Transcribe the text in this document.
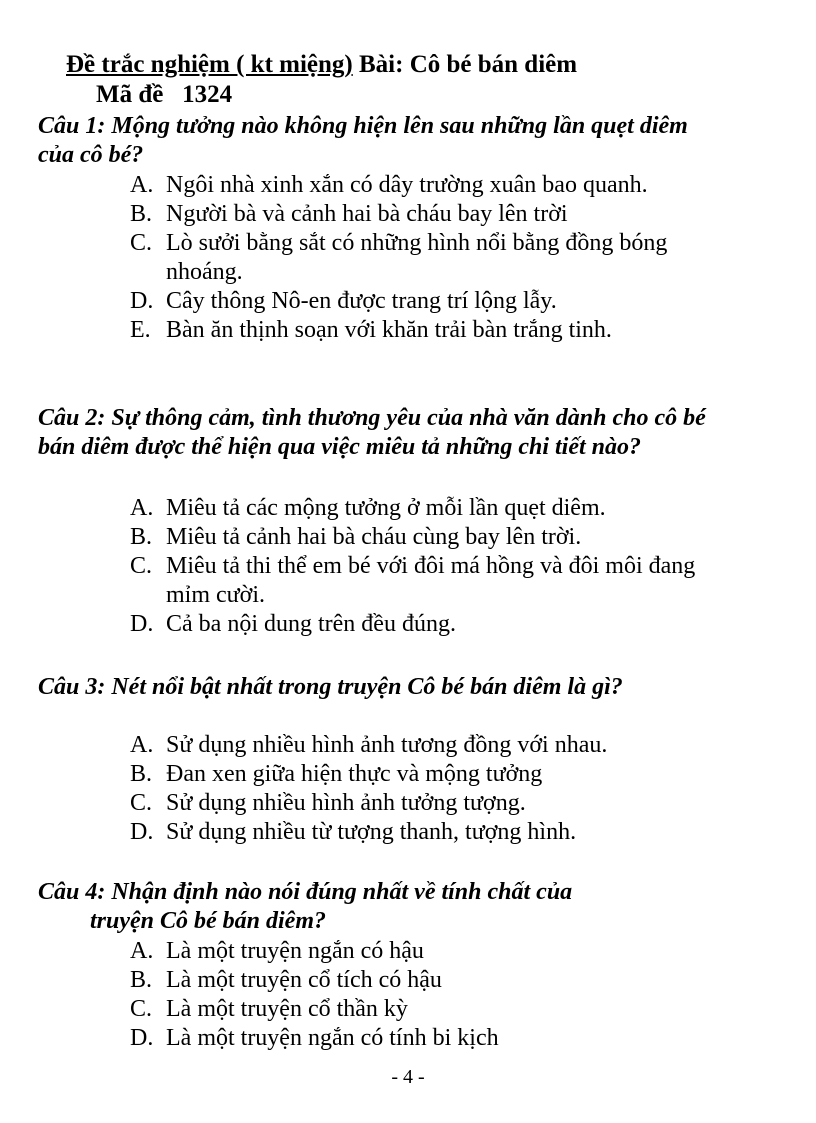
Đề trắc nghiệm ( kt miệng) Bài: Cô bé bán diêm
Mã đề 1324
Câu 1: Mộng tưởng nào không hiện lên sau những lần quẹt diêm của cô bé?
A. Ngôi nhà xinh xắn có dây trường xuân bao quanh.
B. Người bà và cảnh hai bà cháu bay lên trời
C. Lò sưởi bằng sắt có những hình nổi bằng đồng bóng nhoáng.
D. Cây thông Nô-en được trang trí lộng lẫy.
E. Bàn ăn thịnh soạn với khăn trải bàn trắng tinh.
Câu 2: Sự thông cảm, tình thương yêu của nhà văn dành cho cô bé bán diêm được thể hiện qua việc miêu tả những chi tiết nào?
A. Miêu tả các mộng tưởng ở mỗi lần quẹt diêm.
B. Miêu tả cảnh hai bà cháu cùng bay lên trời.
C. Miêu tả thi thể em bé với đôi má hồng và đôi môi đang mỉm cười.
D. Cả ba nội dung trên đều đúng.
Câu 3: Nét nổi bật nhất trong truyện Cô bé bán diêm là gì?
A. Sử dụng nhiều hình ảnh tương đồng với nhau.
B. Đan xen giữa hiện thực và mộng tưởng
C. Sử dụng nhiều hình ảnh tưởng tượng.
D. Sử dụng nhiều từ tượng thanh, tượng hình.
Câu 4: Nhận định nào nói đúng nhất về tính chất của
truyện Cô bé bán diêm?
A. Là một truyện ngắn có hậu
B. Là một truyện cổ tích có hậu
C. Là một truyện cổ thần kỳ
D. Là một truyện ngắn có tính bi kịch
- 4 -
